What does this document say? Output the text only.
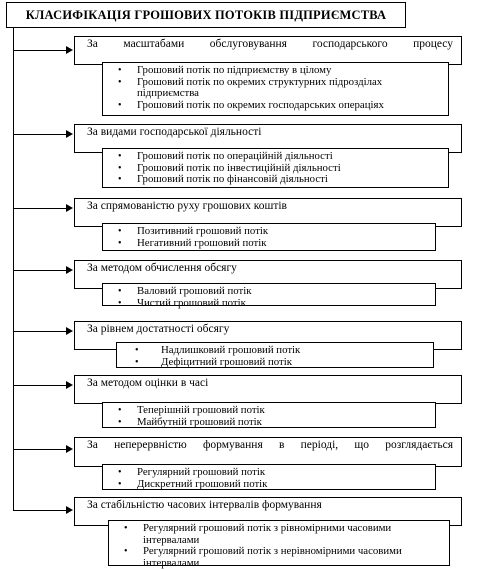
КЛАСИФІКАЦІЯ ГРОШОВИХ ПОТОКІВ ПІДПРИЄМСТВА
За масштабами обслуговування господарського процесу
• Грошовий потік по підприємству в цілому
• Грошовий потік по окремих структурних підрозділах підприємства
• Грошовий потік по окремих господарських операціях
За видами господарської діяльності
• Грошовий потік по операційній діяльності
• Грошовий потік по інвестиційній діяльності
• Грошовий потік по фінансовій діяльності
За спрямованістю руху грошових коштів
• Позитивний грошовий потік
• Негативний грошовий потік
За методом обчислення обсягу
• Валовий грошовий потік
• Чистий грошовий потік
За рівнем достатності обсягу
• Надлишковий грошовий потік
• Дефіцитний грошовий потік
За методом оцінки в часі
• Теперішній грошовий потік
• Майбутній грошовий потік
За неперервністю формування в періоді, що розглядається
• Регулярний грошовий потік
• Дискретний грошовий потік
За стабільністю часових інтервалів формування
• Регулярний грошовий потік з рівномірними часовими інтервалами
• Регулярний грошовий потік з нерівномірними часовими інтервалами
